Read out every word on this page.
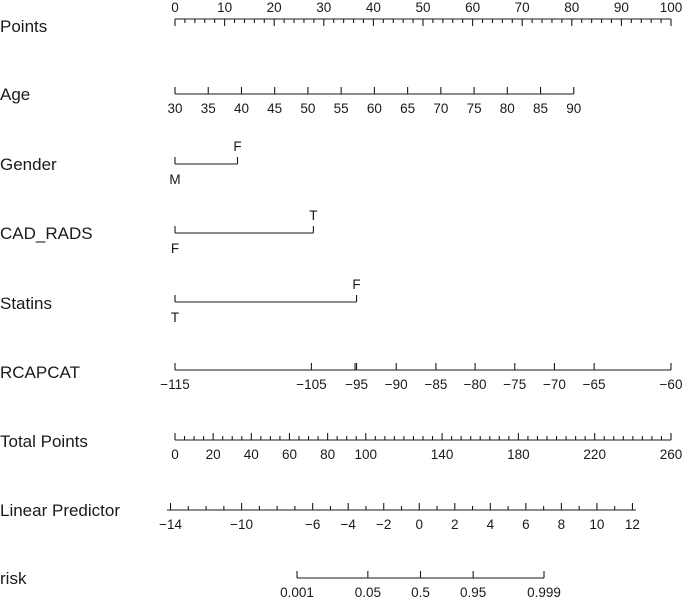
Points
0	10	20	30	40	50	60	70	80	90 100
Age
30 35 40 45 50 55 60 65 70 75 80 85 90
Gender
M
F
CAD_RADS
F
T
Statins
T
F
RCAPCAT
−115	−105 −95 −90 −85 −80 −75 −70 −65	−60
Total Points
0 20 40 60 80 100	140	180	220	260
Linear Predictor
−14	−10	−6 −4 −2 0 2 4 6 8 10 12
risk
0.001	0.05 0.5 0.95	0.999
